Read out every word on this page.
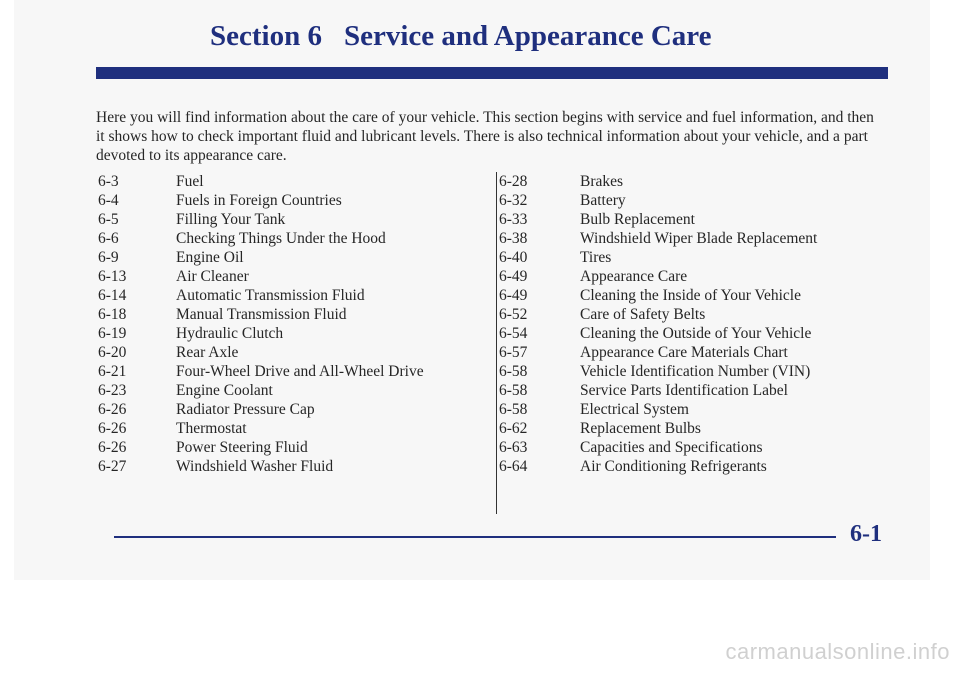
Section 6 Service and Appearance Care

Here you will find information about the care of your vehicle. This section begins with service and fuel information, and then it shows how to check important fluid and lubricant levels. There is also technical information about your vehicle, and a part devoted to its appearance care.

6-3	Fuel
6-4	Fuels in Foreign Countries
6-5	Filling Your Tank
6-6	Checking Things Under the Hood
6-9	Engine Oil
6-13	Air Cleaner
6-14	Automatic Transmission Fluid
6-18	Manual Transmission Fluid
6-19	Hydraulic Clutch
6-20	Rear Axle
6-21	Four-Wheel Drive and All-Wheel Drive
6-23	Engine Coolant
6-26	Radiator Pressure Cap
6-26	Thermostat
6-26	Power Steering Fluid
6-27	Windshield Washer Fluid
6-28	Brakes
6-32	Battery
6-33	Bulb Replacement
6-38	Windshield Wiper Blade Replacement
6-40	Tires
6-49	Appearance Care
6-49	Cleaning the Inside of Your Vehicle
6-52	Care of Safety Belts
6-54	Cleaning the Outside of Your Vehicle
6-57	Appearance Care Materials Chart
6-58	Vehicle Identification Number (VIN)
6-58	Service Parts Identification Label
6-58	Electrical System
6-62	Replacement Bulbs
6-63	Capacities and Specifications
6-64	Air Conditioning Refrigerants

6-1

carmanualsonline.info
